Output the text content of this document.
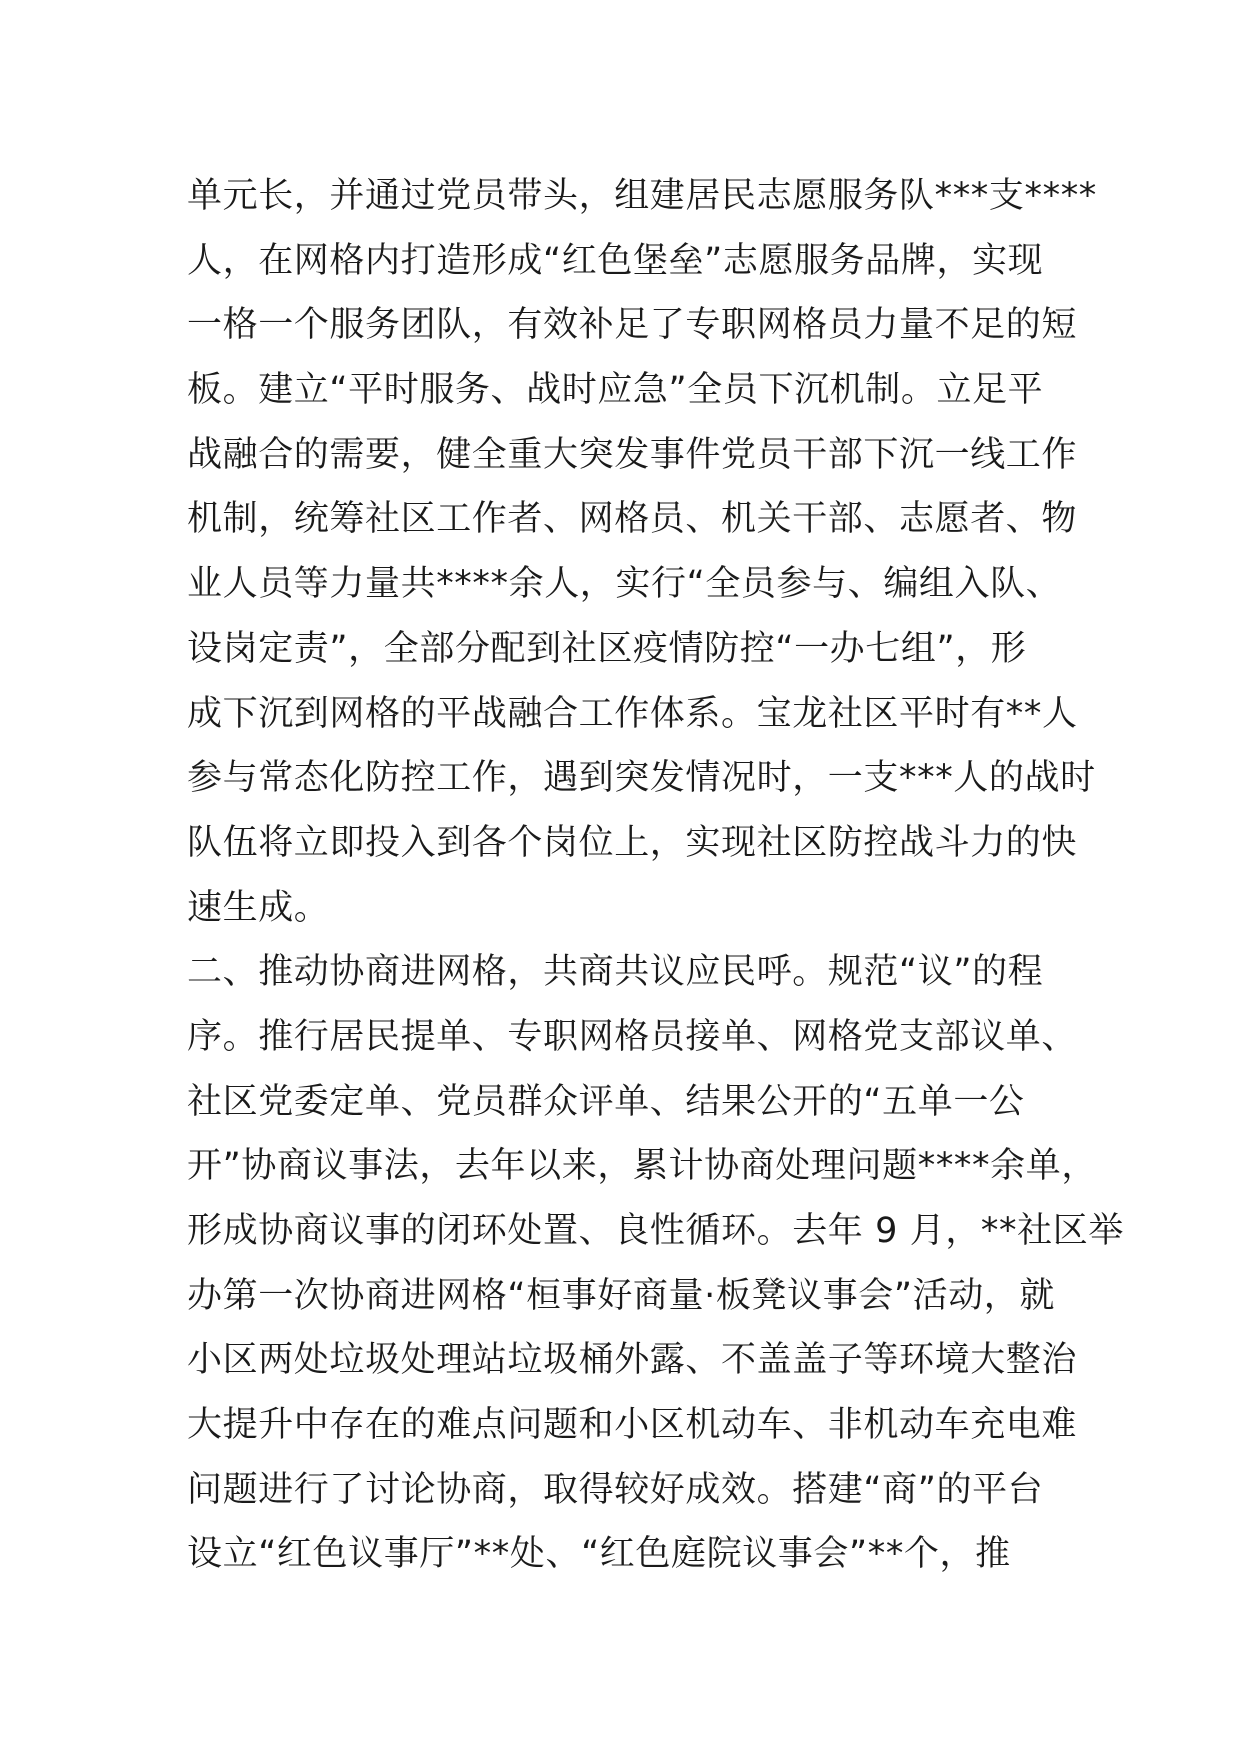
单元长，并通过党员带头，组建居民志愿服务队***支****
人，在网格内打造形成“红色堡垒”志愿服务品牌，实现
一格一个服务团队，有效补足了专职网格员力量不足的短
板。建立“平时服务、战时应急”全员下沉机制。立足平
战融合的需要，健全重大突发事件党员干部下沉一线工作
机制，统筹社区工作者、网格员、机关干部、志愿者、物
业人员等力量共****余人，实行“全员参与、编组入队、
设岗定责”，全部分配到社区疫情防控“一办七组”，形
成下沉到网格的平战融合工作体系。宝龙社区平时有**人
参与常态化防控工作，遇到突发情况时，一支***人的战时
队伍将立即投入到各个岗位上，实现社区防控战斗力的快
速生成。
二、推动协商进网格，共商共议应民呼。规范“议”的程
序。推行居民提单、专职网格员接单、网格党支部议单、
社区党委定单、党员群众评单、结果公开的“五单一公
开”协商议事法，去年以来，累计协商处理问题****余单，
形成协商议事的闭环处置、良性循环。去年 9 月，**社区举
办第一次协商进网格“桓事好商量·板凳议事会”活动，就
小区两处垃圾处理站垃圾桶外露、不盖盖子等环境大整治
大提升中存在的难点问题和小区机动车、非机动车充电难
问题进行了讨论协商，取得较好成效。搭建“商”的平台
设立“红色议事厅”**处、“红色庭院议事会”**个，推
